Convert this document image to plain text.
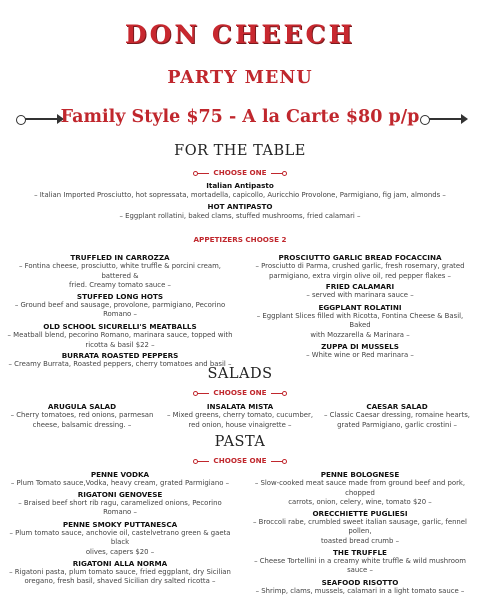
DON CHEECH
PARTY MENU
Family Style $75 - A la Carte $80 p/p
FOR THE TABLE
CHOOSE ONE
Italian Antipasto
– Italian Imported Prosciutto, hot sopressata, mortadella, capicollo, Auricchio Provolone, Parmigiano, fig jam, almonds –
HOT ANTIPASTO
– Eggplant rollatini, baked clams, stuffed mushrooms, fried calamari –
APPETIZERS CHOOSE 2
TRUFFLED IN CARROZZA
– Fontina cheese, prosciutto, white truffle & porcini cream, battered &
fried. Creamy tomato sauce –
STUFFED LONG HOTS
– Ground beef and sausage, provolone, parmigiano, Pecorino Romano –
OLD SCHOOL SICURELLI'S MEATBALLS
– Meatball blend, pecorino Romano, marinara sauce, topped with
ricotta & basil $22 –
BURRATA ROASTED PEPPERS
– Creamy Burrata, Roasted peppers, cherry tomatoes and basil –
PROSCIUTTO GARLIC BREAD FOCACCINA
– Prosciutto di Parma, crushed garlic, fresh rosemary, grated
parmigiano, extra virgin olive oil, red pepper flakes –
FRIED CALAMARI
– served with marinara sauce –
EGGPLANT ROLATINI
– Eggplant Slices filled with Ricotta, Fontina Cheese & Basil, Baked
with Mozzarella & Marinara –
ZUPPA DI MUSSELS
– White wine or Red marinara –
SALADS
CHOOSE ONE
ARUGULA SALAD
– Cherry tomatoes, red onions, parmesan
cheese, balsamic dressing. –
INSALATA MISTA
– Mixed greens, cherry tomato, cucumber,
red onion, house vinaigrette –
CAESAR SALAD
– Classic Caesar dressing, romaine hearts,
grated Parmigiano, garlic crostini –
PASTA
CHOOSE ONE
PENNE VODKA
– Plum Tomato sauce,Vodka, heavy cream, grated Parmigiano –
RIGATONI GENOVESE
– Braised beef short rib ragu, caramelized onions, Pecorino Romano –
PENNE SMOKY PUTTANESCA
– Plum tomato sauce, anchovie oil, castelvetrano green & gaeta black
olives, capers $20 –
RIGATONI ALLA NORMA
– Rigatoni pasta, plum tomato sauce, fried eggplant, dry Sicilian
oregano, fresh basil, shaved Sicilian dry salted ricotta –
PENNE BOLOGNESE
– Slow-cooked meat sauce made from ground beef and pork, chopped
carrots, onion, celery, wine, tomato $20 –
ORECCHIETTE PUGLIESI
– Broccoli rabe, crumbled sweet italian sausage, garlic, fennel pollen,
toasted bread crumb –
THE TRUFFLE
– Cheese Tortellini in a creamy white truffle & wild mushroom sauce –
SEAFOOD RISOTTO
– Shrimp, clams, mussels, calamari in a light tomato sauce –
